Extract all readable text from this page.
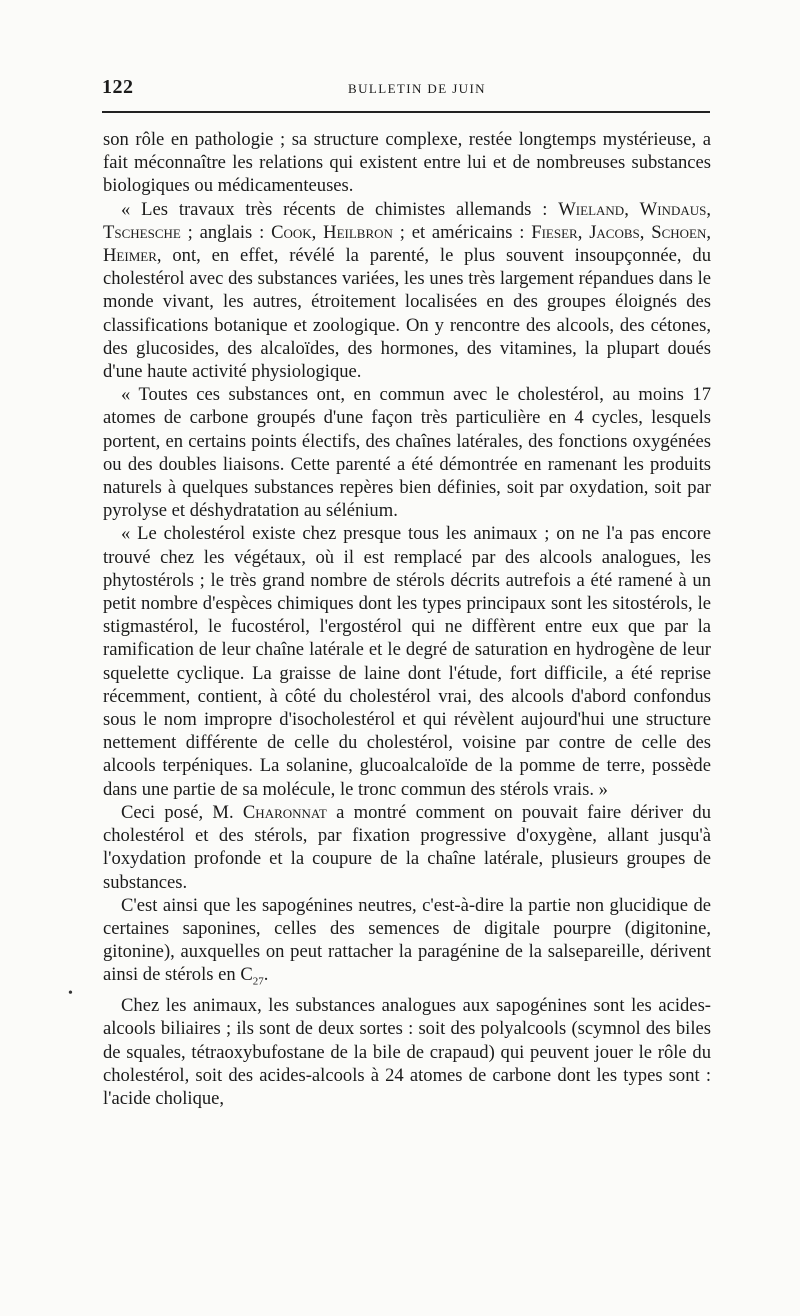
122	BULLETIN DE JUIN
•

son rôle en pathologie ; sa structure complexe, restée longtemps mystérieuse, a fait méconnaître les relations qui existent entre lui et de nombreuses substances biologiques ou médicamenteuses.

« Les travaux très récents de chimistes allemands : Wieland, Windaus, Tschesche ; anglais : Cook, Heilbron ; et américains : Fieser, Jacobs, Schoen, Heimer, ont, en effet, révélé la parenté, le plus souvent insoupçonnée, du cholestérol avec des substances variées, les unes très largement répandues dans le monde vivant, les autres, étroitement localisées en des groupes éloignés des classifications botanique et zoologique. On y rencontre des alcools, des cétones, des glucosides, des alcaloïdes, des hormones, des vitamines, la plupart doués d'une haute activité physiologique.

« Toutes ces substances ont, en commun avec le cholestérol, au moins 17 atomes de carbone groupés d'une façon très particulière en 4 cycles, lesquels portent, en certains points électifs, des chaînes latérales, des fonctions oxygénées ou des doubles liaisons. Cette parenté a été démontrée en ramenant les produits naturels à quelques substances repères bien définies, soit par oxydation, soit par pyrolyse et déshydratation au sélénium.

« Le cholestérol existe chez presque tous les animaux ; on ne l'a pas encore trouvé chez les végétaux, où il est remplacé par des alcools analogues, les phytostérols ; le très grand nombre de stérols décrits autrefois a été ramené à un petit nombre d'espèces chimiques dont les types principaux sont les sitostérols, le stigmastérol, le fucostérol, l'ergostérol qui ne diffèrent entre eux que par la ramification de leur chaîne latérale et le degré de saturation en hydrogène de leur squelette cyclique. La graisse de laine dont l'étude, fort difficile, a été reprise récemment, contient, à côté du cholestérol vrai, des alcools d'abord confondus sous le nom impropre d'isocholestérol et qui révèlent aujourd'hui une structure nettement différente de celle du cholestérol, voisine par contre de celle des alcools terpéniques. La solanine, glucoalcaloïde de la pomme de terre, possède dans une partie de sa molécule, le tronc commun des stérols vrais. »

Ceci posé, M. Charonnat a montré comment on pouvait faire dériver du cholestérol et des stérols, par fixation progressive d'oxygène, allant jusqu'à l'oxydation profonde et la coupure de la chaîne latérale, plusieurs groupes de substances.

C'est ainsi que les sapogénines neutres, c'est-à-dire la partie non glucidique de certaines saponines, celles des semences de digitale pourpre (digitonine, gitonine), auxquelles on peut rattacher la paragénine de la salsepareille, dérivent ainsi de stérols en $C_{27}$.

Chez les animaux, les substances analogues aux sapogénines sont les acides-alcools biliaires ; ils sont de deux sortes : soit des polyalcools (scymnol des biles de squales, tétraoxybufostane de la bile de crapaud) qui peuvent jouer le rôle du cholestérol, soit des acides-alcools à 24 atomes de carbone dont les types sont : l'acide cholique,
